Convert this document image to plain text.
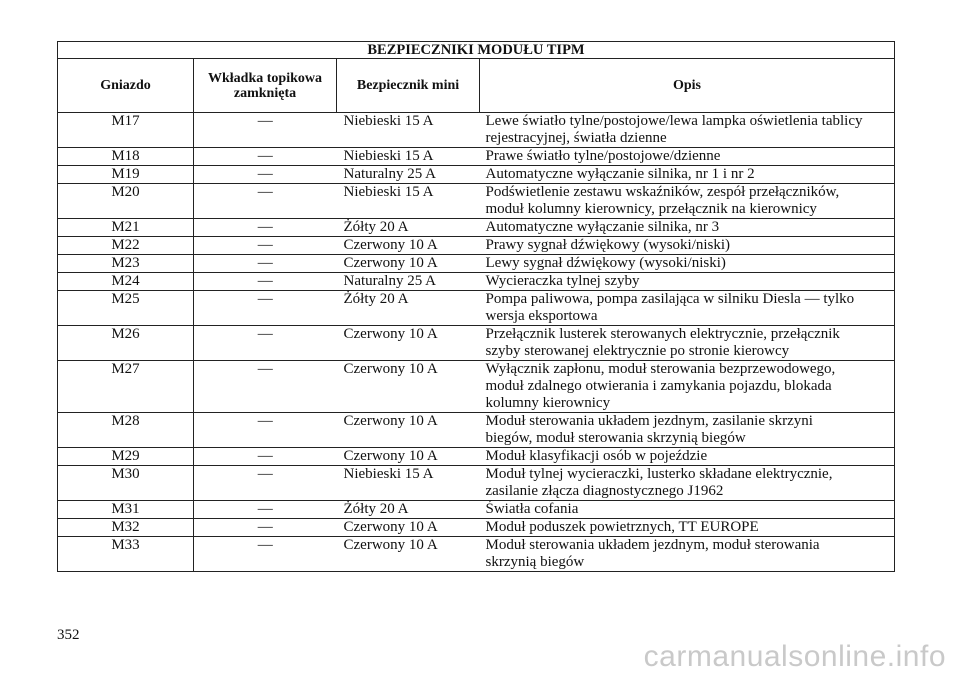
BEZPIECZNIKI MODUŁU TIPM			
Gniazdo	Wkładka topikowa zamknięta	Bezpiecznik mini	Opis
M17	—	Niebieski 15 A	Lewe światło tylne/postojowe/lewa lampka oświetlenia tablicy
rejestracyjnej, światła dzienne

M18	—	Niebieski 15 A	Prawe światło tylne/postojowe/dzienne

M19	—	Naturalny 25 A	Automatyczne wyłączanie silnika, nr 1 i nr 2

M20	—	Niebieski 15 A	Podświetlenie zestawu wskaźników, zespół przełączników,
moduł kolumny kierownicy, przełącznik na kierownicy

M21	—	Żółty 20 A	Automatyczne wyłączanie silnika, nr 3

M22	—	Czerwony 10 A	Prawy sygnał dźwiękowy (wysoki/niski)

M23	—	Czerwony 10 A	Lewy sygnał dźwiękowy (wysoki/niski)

M24	—	Naturalny 25 A	Wycieraczka tylnej szyby

M25	—	Żółty 20 A	Pompa paliwowa, pompa zasilająca w silniku Diesla — tylko
wersja eksportowa

M26	—	Czerwony 10 A	Przełącznik lusterek sterowanych elektrycznie, przełącznik
szyby sterowanej elektrycznie po stronie kierowcy

M27	—	Czerwony 10 A	Wyłącznik zapłonu, moduł sterowania bezprzewodowego,
moduł zdalnego otwierania i zamykania pojazdu, blokada
kolumny kierownicy

M28	—	Czerwony 10 A	Moduł sterowania układem jezdnym, zasilanie skrzyni
biegów, moduł sterowania skrzynią biegów

M29	—	Czerwony 10 A	Moduł klasyfikacji osób w pojeździe

M30	—	Niebieski 15 A	Moduł tylnej wycieraczki, lusterko składane elektrycznie,
zasilanie złącza diagnostycznego J1962

M31	—	Żółty 20 A	Światła cofania

M32	—	Czerwony 10 A	Moduł poduszek powietrznych, TT EUROPE

M33	—	Czerwony 10 A	Moduł sterowania układem jezdnym, moduł sterowania
skrzynią biegów
352
carmanualsonline.info
